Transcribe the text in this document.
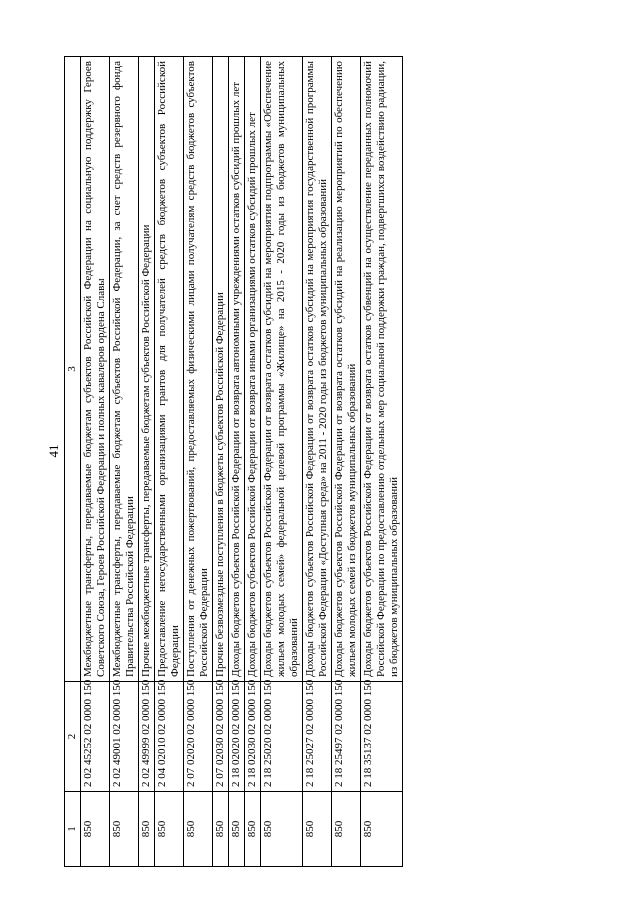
41
1	2	3
850	2 02 45252 02 0000 150	Межбюджетные трансферты, передаваемые бюджетам субъектов Российской Федерации на социальную поддержку Героев Советского Союза, Героев Российской Федерации и полных кавалеров ордена Славы
850	2 02 49001 02 0000 150	Межбюджетные трансферты, передаваемые бюджетам субъектов Российской Федерации, за счет средств резервного фонда Правительства Российской Федерации
850	2 02 49999 02 0000 150	Прочие межбюджетные трансферты, передаваемые бюджетам субъектов Российской Федерации
850	2 04 02010 02 0000 150	Предоставление негосударственными организациями грантов для получателей средств бюджетов субъектов Российской Федерации
850	2 07 02020 02 0000 150	Поступления от денежных пожертвований, предоставляемых физическими лицами получателям средств бюджетов субъектов Российской Федерации
850	2 07 02030 02 0000 150	Прочие безвозмездные поступления в бюджеты субъектов Российской Федерации
850	2 18 02020 02 0000 150	Доходы бюджетов субъектов Российской Федерации от возврата автономными учреждениями остатков субсидий прошлых лет
850	2 18 02030 02 0000 150	Доходы бюджетов субъектов Российской Федерации от возврата иными организациями остатков субсидий прошлых лет
850	2 18 25020 02 0000 150	Доходы бюджетов субъектов Российской Федерации от возврата остатков субсидий на мероприятия подпрограммы «Обеспечение жильем молодых семей» федеральной целевой программы «Жилище» на 2015 - 2020 годы из бюджетов муниципальных образований
850	2 18 25027 02 0000 150	Доходы бюджетов субъектов Российской Федерации от возврата остатков субсидий на мероприятия государственной программы Российской Федерации «Доступная среда» на 2011 - 2020 годы из бюджетов муниципальных образований
850	2 18 25497 02 0000 150	Доходы бюджетов субъектов Российской Федерации от возврата остатков субсидий на реализацию мероприятий по обеспечению жильем молодых семей из бюджетов муниципальных образований
850	2 18 35137 02 0000 150	Доходы бюджетов субъектов Российской Федерации от возврата остатков субвенций на осуществление переданных полномочий Российской Федерации по предоставлению отдельных мер социальной поддержки граждан, подвергшихся воздействию радиации, из бюджетов муниципальных образований
